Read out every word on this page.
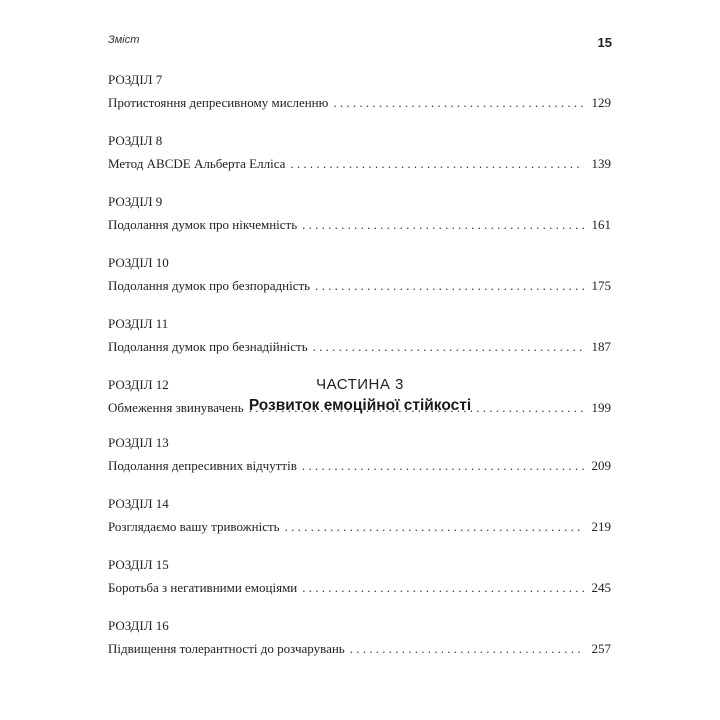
Зміст	15
РОЗДІЛ 7
Протистояння депресивному мисленню . . .	129
РОЗДІЛ 8
Метод ABCDE Альберта Елліса . . .	139
РОЗДІЛ 9
Подолання думок про нікчемність . . .	161
РОЗДІЛ 10
Подолання думок про безпорадність . . .	175
РОЗДІЛ 11
Подолання думок про безнадійність . . .	187
РОЗДІЛ 12
Обмеження звинувачень . . .	199
ЧАСТИНА 3
Розвиток емоційної стійкості
РОЗДІЛ 13
Подолання депресивних відчуттів . . .	209
РОЗДІЛ 14
Розглядаємо вашу тривожність . . .	219
РОЗДІЛ 15
Боротьба з негативними емоціями . . .	245
РОЗДІЛ 16
Підвищення толерантності до розчарувань . . .	257
